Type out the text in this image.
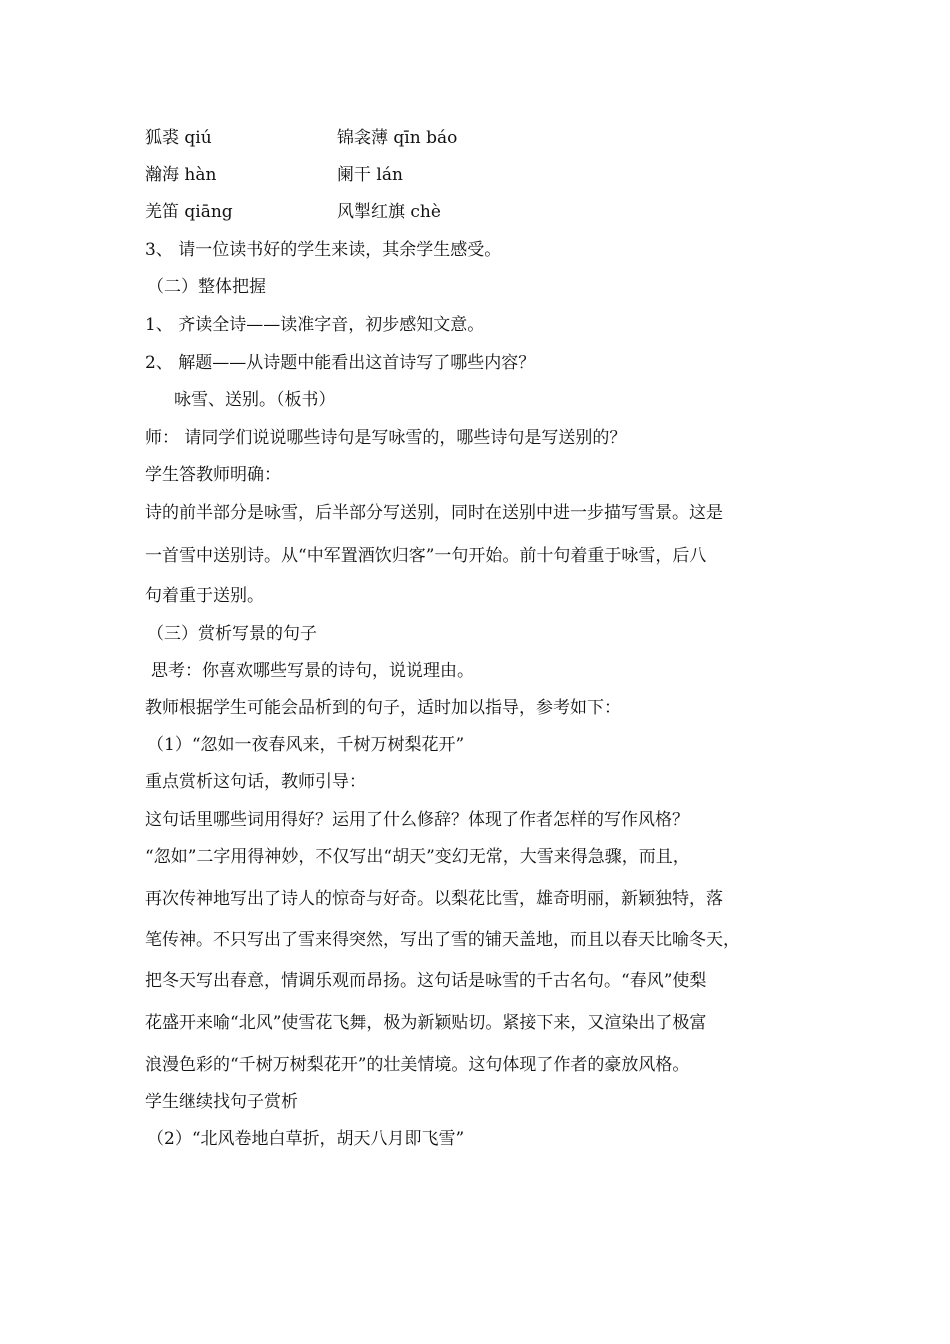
狐裘 qiú	锦衾薄 qīn báo
瀚海 hàn	阑干 lán
羌笛 qiāng	风掣红旗 chè
3、 请一位读书好的学生来读，其余学生感受。
（二）整体把握
1、 齐读全诗——读准字音，初步感知文意。
2、 解题——从诗题中能看出这首诗写了哪些内容？
咏雪、送别。（板书）
师： 请同学们说说哪些诗句是写咏雪的，哪些诗句是写送别的？
学生答教师明确：
诗的前半部分是咏雪，后半部分写送别，同时在送别中进一步描写雪景。这是
一首雪中送别诗。从“中军置酒饮归客”一句开始。前十句着重于咏雪，后八
句着重于送别。
（三）赏析写景的句子
思考：你喜欢哪些写景的诗句，说说理由。
教师根据学生可能会品析到的句子，适时加以指导，参考如下：
（1）“忽如一夜春风来，千树万树梨花开”
重点赏析这句话，教师引导：
这句话里哪些词用得好？运用了什么修辞？体现了作者怎样的写作风格？
“忽如”二字用得神妙，不仅写出“胡天”变幻无常，大雪来得急骤，而且，
再次传神地写出了诗人的惊奇与好奇。以梨花比雪，雄奇明丽，新颖独特，落
笔传神。不只写出了雪来得突然，写出了雪的铺天盖地，而且以春天比喻冬天，
把冬天写出春意，情调乐观而昂扬。这句话是咏雪的千古名句。“春风”使梨
花盛开来喻“北风”使雪花飞舞，极为新颖贴切。紧接下来，又渲染出了极富
浪漫色彩的“千树万树梨花开”的壮美情境。这句体现了作者的豪放风格。
学生继续找句子赏析
（2）“北风卷地白草折，胡天八月即飞雪”
